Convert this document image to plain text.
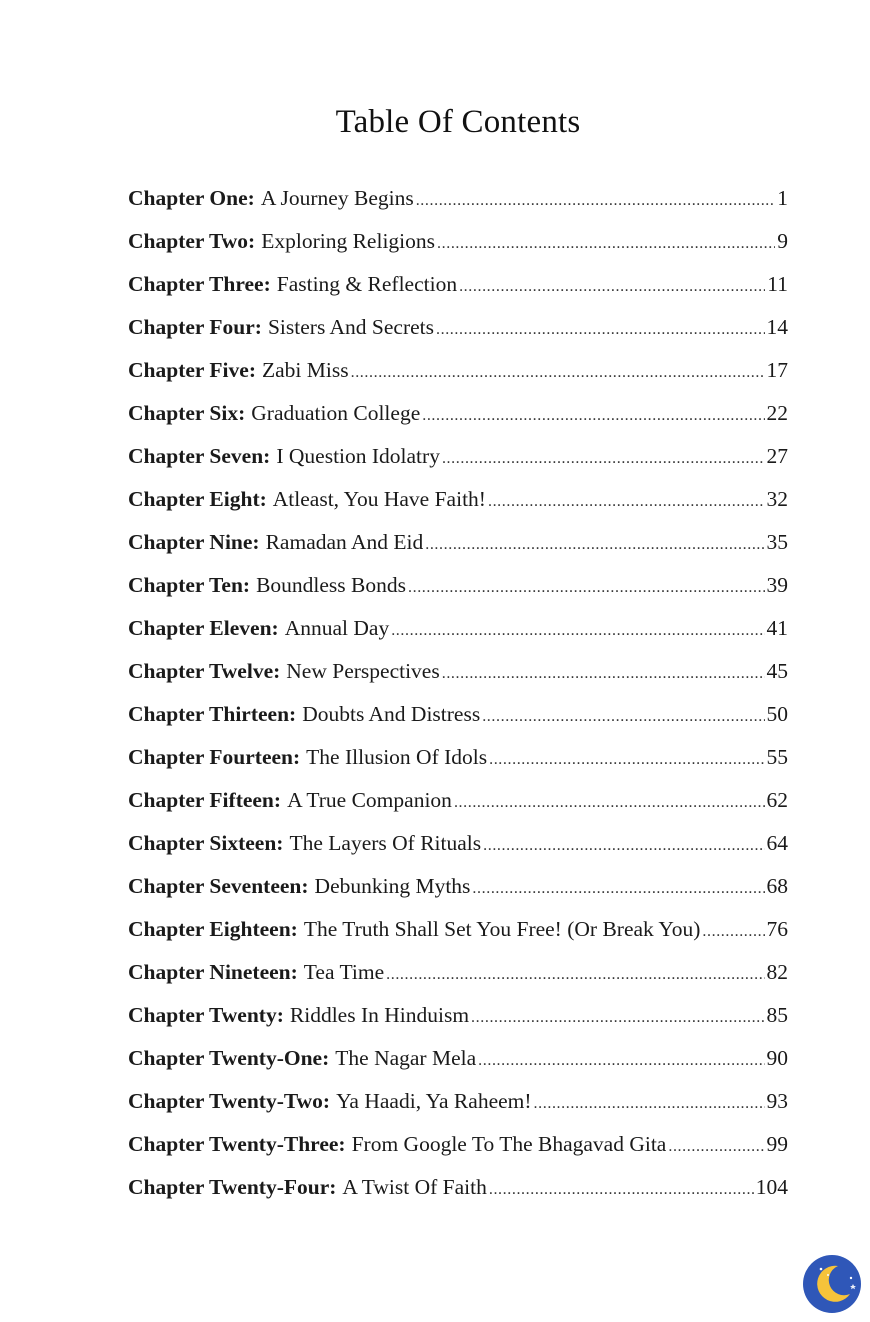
Table Of Contents
Chapter One: A Journey Begins .....	1
Chapter Two: Exploring Religions .....	9
Chapter Three: Fasting & Reflection .....	11
Chapter Four: Sisters And Secrets .....	14
Chapter Five: Zabi Miss .....	17
Chapter Six: Graduation College .....	22
Chapter Seven: I Question Idolatry .....	27
Chapter Eight: Atleast, You Have Faith! .....	32
Chapter Nine: Ramadan And Eid .....	35
Chapter Ten: Boundless Bonds .....	39
Chapter Eleven: Annual Day .....	41
Chapter Twelve: New Perspectives .....	45
Chapter Thirteen: Doubts And Distress .....	50
Chapter Fourteen: The Illusion Of Idols .....	55
Chapter Fifteen: A True Companion .....	62
Chapter Sixteen: The Layers Of Rituals .....	64
Chapter Seventeen: Debunking Myths .....	68
Chapter Eighteen: The Truth Shall Set You Free! (Or Break You) .....	76
Chapter Nineteen: Tea Time .....	82
Chapter Twenty: Riddles In Hinduism .....	85
Chapter Twenty-One: The Nagar Mela .....	90
Chapter Twenty-Two: Ya Haadi, Ya Raheem! .....	93
Chapter Twenty-Three: From Google To The Bhagavad Gita .....	99
Chapter Twenty-Four: A Twist Of Faith .....	104
